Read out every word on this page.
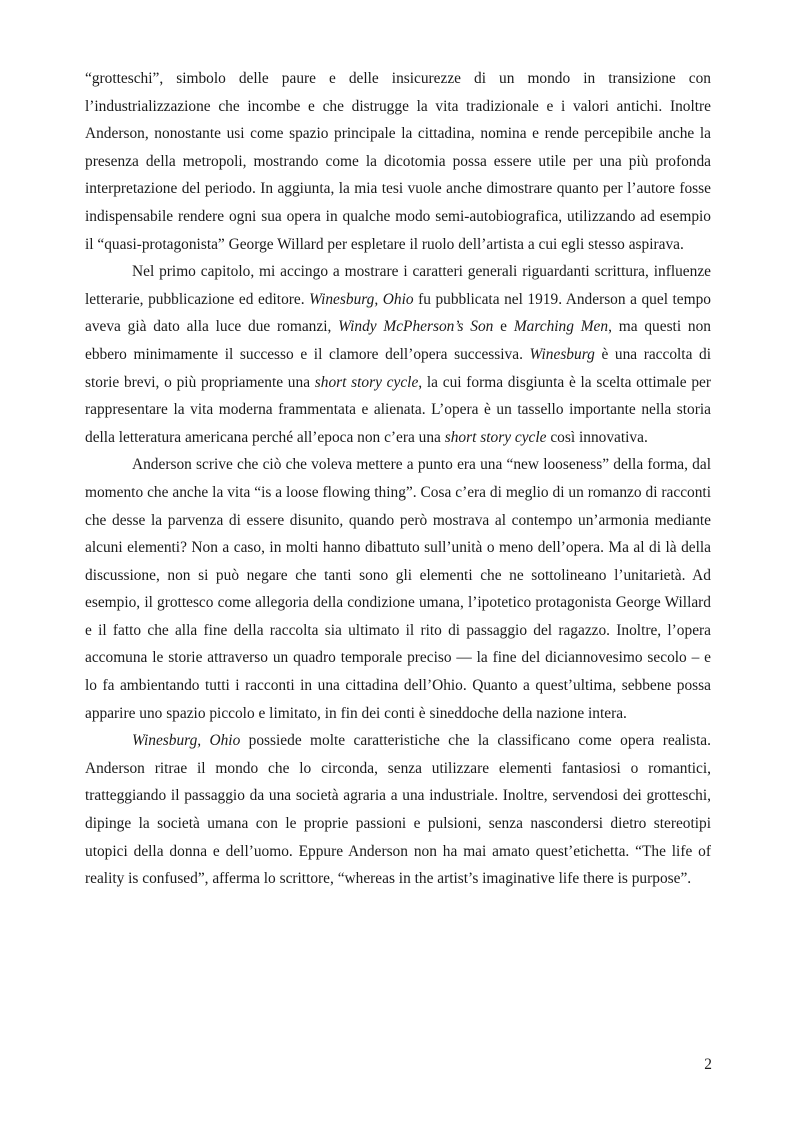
“grotteschi”, simbolo delle paure e delle insicurezze di un mondo in transizione con l’industrializzazione che incombe e che distrugge la vita tradizionale e i valori antichi. Inoltre Anderson, nonostante usi come spazio principale la cittadina, nomina e rende percepibile anche la presenza della metropoli, mostrando come la dicotomia possa essere utile per una più profonda interpretazione del periodo. In aggiunta, la mia tesi vuole anche dimostrare quanto per l’autore fosse indispensabile rendere ogni sua opera in qualche modo semi-autobiografica, utilizzando ad esempio il “quasi-protagonista” George Willard per espletare il ruolo dell’artista a cui egli stesso aspirava.

Nel primo capitolo, mi accingo a mostrare i caratteri generali riguardanti scrittura, influenze letterarie, pubblicazione ed editore. Winesburg, Ohio fu pubblicata nel 1919. Anderson a quel tempo aveva già dato alla luce due romanzi, Windy McPherson’s Son e Marching Men, ma questi non ebbero minimamente il successo e il clamore dell’opera successiva. Winesburg è una raccolta di storie brevi, o più propriamente una short story cycle, la cui forma disgiunta è la scelta ottimale per rappresentare la vita moderna frammentata e alienata. L’opera è un tassello importante nella storia della letteratura americana perché all’epoca non c’era una short story cycle così innovativa.

Anderson scrive che ciò che voleva mettere a punto era una “new looseness” della forma, dal momento che anche la vita “is a loose flowing thing”. Cosa c’era di meglio di un romanzo di racconti che desse la parvenza di essere disunito, quando però mostrava al contempo un’armonia mediante alcuni elementi? Non a caso, in molti hanno dibattuto sull’unità o meno dell’opera. Ma al di là della discussione, non si può negare che tanti sono gli elementi che ne sottolineano l’unitarietà. Ad esempio, il grottesco come allegoria della condizione umana, l’ipotetico protagonista George Willard e il fatto che alla fine della raccolta sia ultimato il rito di passaggio del ragazzo. Inoltre, l’opera accomuna le storie attraverso un quadro temporale preciso — la fine del diciannovesimo secolo – e lo fa ambientando tutti i racconti in una cittadina dell’Ohio. Quanto a quest’ultima, sebbene possa apparire uno spazio piccolo e limitato, in fin dei conti è sineddoche della nazione intera.

Winesburg, Ohio possiede molte caratteristiche che la classificano come opera realista. Anderson ritrae il mondo che lo circonda, senza utilizzare elementi fantasiosi o romantici, tratteggiando il passaggio da una società agraria a una industriale. Inoltre, servendosi dei grotteschi, dipinge la società umana con le proprie passioni e pulsioni, senza nascondersi dietro stereotipi utopici della donna e dell’uomo. Eppure Anderson non ha mai amato quest’etichetta. “The life of reality is confused”, afferma lo scrittore, “whereas in the artist’s imaginative life there is purpose”.

2
